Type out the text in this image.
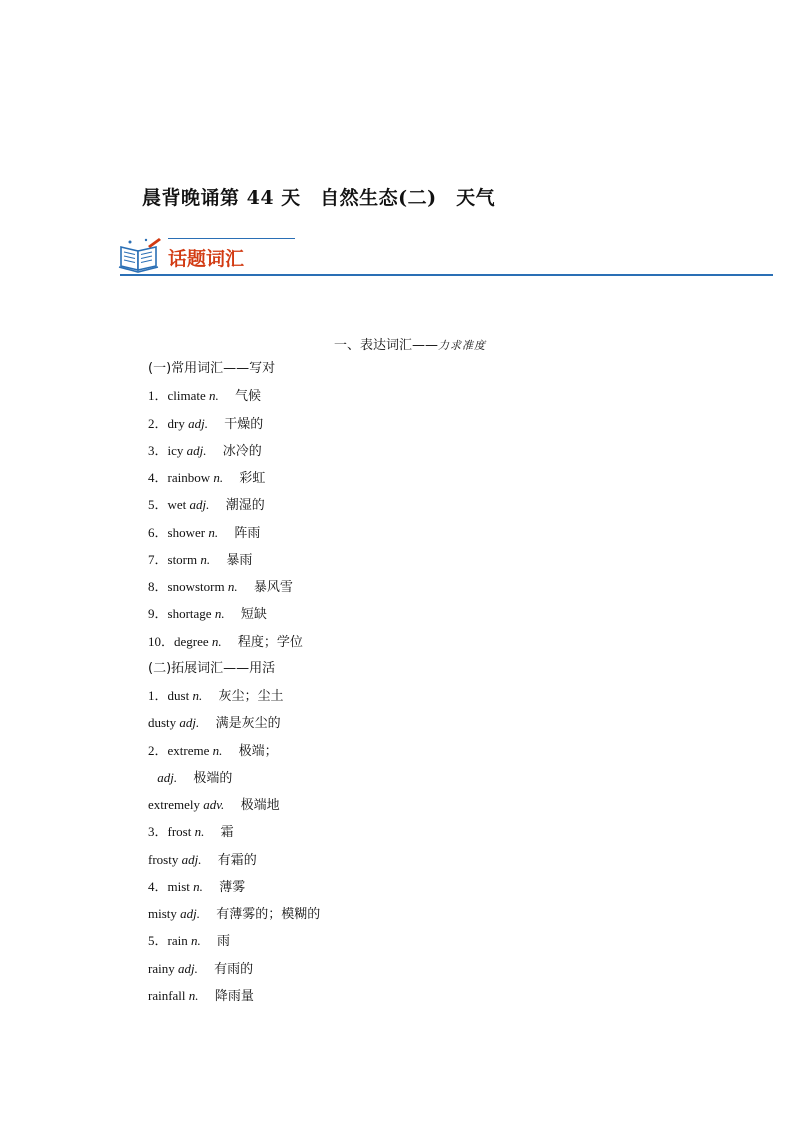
晨背晚诵第 44 天　自然生态(二)　天气
话题词汇
一、表达词汇——力求准度
(一)常用词汇——写对
1．climate n.　 气候
2．dry adj.　 干燥的
3．icy adj.　 冰冷的
4．rainbow n.　 彩虹
5．wet adj.　 潮湿的
6．shower n.　 阵雨
7．storm n.　 暴雨
8．snowstorm n.　 暴风雪
9．shortage n.　 短缺
10．degree n.　 程度；学位
(二)拓展词汇——用活
1．dust n.　 灰尘；尘土
dusty adj.　 满是灰尘的
2．extreme n.　 极端；
adj.　 极端的
extremely adv.　 极端地
3．frost n.　 霜
frosty adj.　 有霜的
4．mist n.　 薄雾
misty adj.　 有薄雾的；模糊的
5．rain n.　 雨
rainy adj.　 有雨的
rainfall n.　 降雨量
